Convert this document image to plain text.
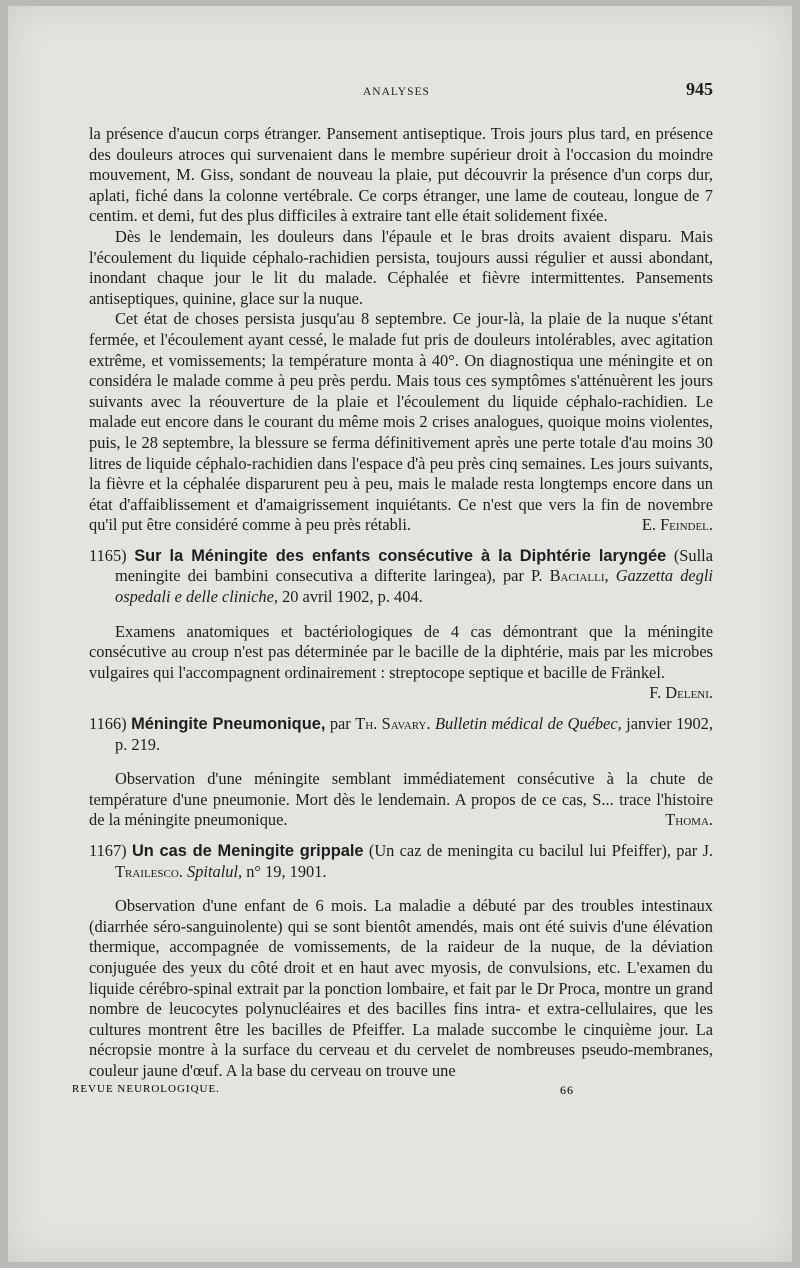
ANALYSES	945

la présence d'aucun corps étranger. Pansement antiseptique. Trois jours plus tard, en présence des douleurs atroces qui survenaient dans le membre supérieur droit à l'occasion du moindre mouvement, M. Giss, sondant de nouveau la plaie, put découvrir la présence d'un corps dur, aplati, fiché dans la colonne vertébrale. Ce corps étranger, une lame de couteau, longue de 7 centim. et demi, fut des plus difficiles à extraire tant elle était solidement fixée.

Dès le lendemain, les douleurs dans l'épaule et le bras droits avaient disparu. Mais l'écoulement du liquide céphalo-rachidien persista, toujours aussi régulier et aussi abondant, inondant chaque jour le lit du malade. Céphalée et fièvre intermittentes. Pansements antiseptiques, quinine, glace sur la nuque.

Cet état de choses persista jusqu'au 8 septembre. Ce jour-là, la plaie de la nuque s'étant fermée, et l'écoulement ayant cessé, le malade fut pris de douleurs intolérables, avec agitation extrême, et vomissements; la température monta à 40°. On diagnostiqua une méningite et on considéra le malade comme à peu près perdu. Mais tous ces symptômes s'atténuèrent les jours suivants avec la réouverture de la plaie et l'écoulement du liquide céphalo-rachidien. Le malade eut encore dans le courant du même mois 2 crises analogues, quoique moins violentes, puis, le 28 septembre, la blessure se ferma définitivement après une perte totale d'au moins 30 litres de liquide céphalo-rachidien dans l'espace d'à peu près cinq semaines. Les jours suivants, la fièvre et la céphalée disparurent peu à peu, mais le malade resta longtemps encore dans un état d'affaiblissement et d'amaigrissement inquiétants. Ce n'est que vers la fin de novembre qu'il put être considéré comme à peu près rétabli.	E. Feindel.

1165) Sur la Méningite des enfants consécutive à la Diphtérie laryngée (Sulla meningite dei bambini consecutiva a difterite laringea), par P. Bacialli, Gazzetta degli ospedali e delle cliniche, 20 avril 1902, p. 404.

Examens anatomiques et bactériologiques de 4 cas démontrant que la méningite consécutive au croup n'est pas déterminée par le bacille de la diphtérie, mais par les microbes vulgaires qui l'accompagnent ordinairement : streptocope septique et bacille de Fränkel.
F. Deleni.

1166) Méningite Pneumonique, par Th. Savary. Bulletin médical de Québec, janvier 1902, p. 219.

Observation d'une méningite semblant immédiatement consécutive à la chute de température d'une pneumonie. Mort dès le lendemain. A propos de ce cas, S... trace l'histoire de la méningite pneumonique.	Thoma.

1167) Un cas de Meningite grippale (Un caz de meningita cu bacilul lui Pfeiffer), par J. Trailesco. Spitalul, n° 19, 1901.

Observation d'une enfant de 6 mois. La maladie a débuté par des troubles intestinaux (diarrhée séro-sanguinolente) qui se sont bientôt amendés, mais ont été suivis d'une élévation thermique, accompagnée de vomissements, de la raideur de la nuque, de la déviation conjuguée des yeux du côté droit et en haut avec myosis, de convulsions, etc. L'examen du liquide cérébro-spinal extrait par la ponction lombaire, et fait par le Dr Proca, montre un grand nombre de leucocytes polynucléaires et des bacilles fins intra- et extra-cellulaires, que les cultures montrent être les bacilles de Pfeiffer. La malade succombe le cinquième jour. La nécropsie montre à la surface du cerveau et du cervelet de nombreuses pseudo-membranes, couleur jaune d'œuf. A la base du cerveau on trouve une

REVUE NEUROLOGIQUE.	66
